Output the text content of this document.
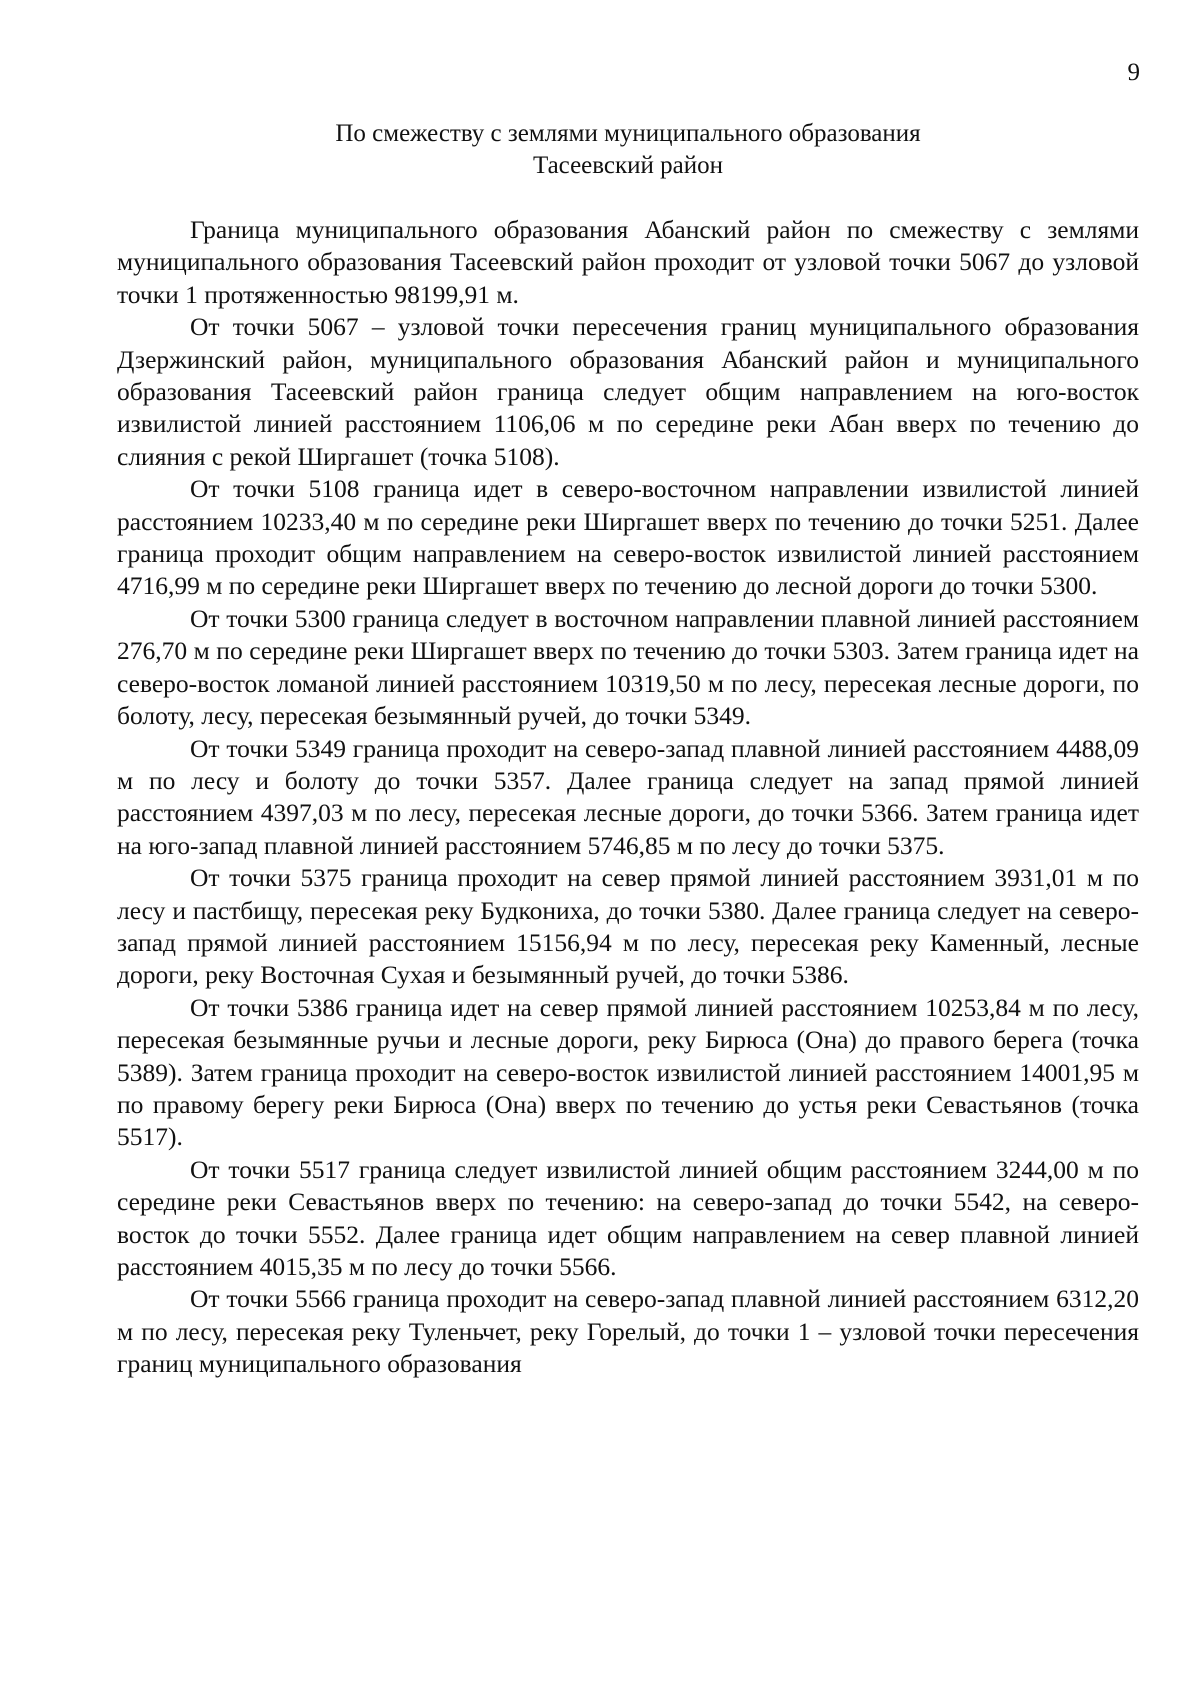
9
По смежеству с землями муниципального образования
Тасеевский район

Граница муниципального образования Абанский район по смежеству с землями муниципального образования Тасеевский район проходит от узловой точки 5067 до узловой точки 1 протяженностью 98199,91 м.

От точки 5067 – узловой точки пересечения границ муниципального образования Дзержинский район, муниципального образования Абанский район и муниципального образования Тасеевский район граница следует общим направлением на юго-восток извилистой линией расстоянием 1106,06 м по середине реки Абан вверх по течению до слияния с рекой Ширгашет (точка 5108).

От точки 5108 граница идет в северо-восточном направлении извилистой линией расстоянием 10233,40 м по середине реки Ширгашет вверх по течению до точки 5251. Далее граница проходит общим направлением на северо-восток извилистой линией расстоянием 4716,99 м по середине реки Ширгашет вверх по течению до лесной дороги до точки 5300.

От точки 5300 граница следует в восточном направлении плавной линией расстоянием 276,70 м по середине реки Ширгашет вверх по течению до точки 5303. Затем граница идет на северо-восток ломаной линией расстоянием 10319,50 м по лесу, пересекая лесные дороги, по болоту, лесу, пересекая безымянный ручей, до точки 5349.

От точки 5349 граница проходит на северо-запад плавной линией расстоянием 4488,09 м по лесу и болоту до точки 5357. Далее граница следует на запад прямой линией расстоянием 4397,03 м по лесу, пересекая лесные дороги, до точки 5366. Затем граница идет на юго-запад плавной линией расстоянием 5746,85 м по лесу до точки 5375.

От точки 5375 граница проходит на север прямой линией расстоянием 3931,01 м по лесу и пастбищу, пересекая реку Будкониха, до точки 5380. Далее граница следует на северо-запад прямой линией расстоянием 15156,94 м по лесу, пересекая реку Каменный, лесные дороги, реку Восточная Сухая и безымянный ручей, до точки 5386.

От точки 5386 граница идет на север прямой линией расстоянием 10253,84 м по лесу, пересекая безымянные ручьи и лесные дороги, реку Бирюса (Она) до правого берега (точка 5389). Затем граница проходит на северо-восток извилистой линией расстоянием 14001,95 м по правому берегу реки Бирюса (Она) вверх по течению до устья реки Севастьянов (точка 5517).

От точки 5517 граница следует извилистой линией общим расстоянием 3244,00 м по середине реки Севастьянов вверх по течению: на северо-запад до точки 5542, на северо-восток до точки 5552. Далее граница идет общим направлением на север плавной линией расстоянием 4015,35 м по лесу до точки 5566.

От точки 5566 граница проходит на северо-запад плавной линией расстоянием 6312,20 м по лесу, пересекая реку Туленьчет, реку Горелый, до точки 1 – узловой точки пересечения границ муниципального образования
